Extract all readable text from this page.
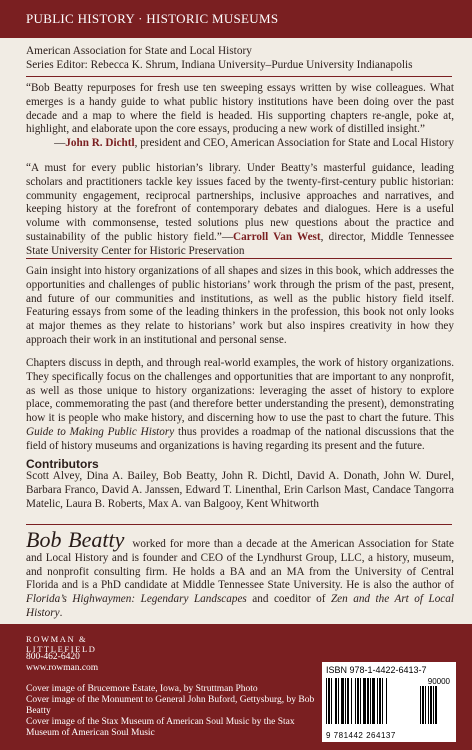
PUBLIC HISTORY · HISTORIC MUSEUMS
American Association for State and Local History
Series Editor: Rebecca K. Shrum, Indiana University–Purdue University Indianapolis
“Bob Beatty repurposes for fresh use ten sweeping essays written by wise colleagues. What emerges is a handy guide to what public history institutions have been doing over the past decade and a map to where the field is headed. His supporting chapters re-angle, poke at, highlight, and elaborate upon the core essays, producing a new work of distilled insight.”
—John R. Dichtl, president and CEO, American Association for State and Local History
“A must for every public historian’s library. Under Beatty’s masterful guidance, leading scholars and practitioners tackle key issues faced by the twenty-first-century public historian: community engagement, reciprocal partnerships, inclusive approaches and narratives, and keeping history at the forefront of contemporary debates and dialogues. Here is a useful volume with commonsense, tested solutions plus new questions about the practice and sustainability of the public history field.”—Carroll Van West, director, Middle Tennessee State University Center for Historic Preservation
Gain insight into history organizations of all shapes and sizes in this book, which addresses the opportunities and challenges of public historians’ work through the prism of the past, present, and future of our communities and institutions, as well as the public history field itself. Featuring essays from some of the leading thinkers in the profession, this book not only looks at major themes as they relate to historians’ work but also inspires creativity in how they approach their work in an institutional and personal sense.
Chapters discuss in depth, and through real-world examples, the work of history organizations. They specifically focus on the challenges and opportunities that are important to any nonprofit, as well as those unique to history organizations: leveraging the asset of history to explore place, commemorating the past (and therefore better understanding the present), demonstrating how it is people who make history, and discerning how to use the past to chart the future. This Guide to Making Public History thus provides a roadmap of the national discussions that the field of history museums and organizations is having regarding its present and the future.
Contributors
Scott Alvey, Dina A. Bailey, Bob Beatty, John R. Dichtl, David A. Donath, John W. Durel, Barbara Franco, David A. Janssen, Edward T. Linenthal, Erin Carlson Mast, Candace Tangorra Matelic, Laura B. Roberts, Max A. van Balgooy, Kent Whitworth
Bob Beatty worked for more than a decade at the American Association for State and Local History and is founder and CEO of the Lyndhurst Group, LLC, a history, museum, and nonprofit consulting firm. He holds a BA and an MA from the University of Central Florida and is a PhD candidate at Middle Tennessee State University. He is also the author of Florida’s Highwaymen: Legendary Landscapes and coeditor of Zen and the Art of Local History.
ROWMAN &
LITTLEFIELD
800-462-6420
www.rowman.com
Cover image of Brucemore Estate, Iowa, by Struttman Photo
Cover image of the Monument to General John Buford, Gettysburg, by Bob Beatty
Cover image of the Stax Museum of American Soul Music by the Stax Museum of American Soul Music
ISBN 978-1-4422-6413-7
90000
9 781442 264137
